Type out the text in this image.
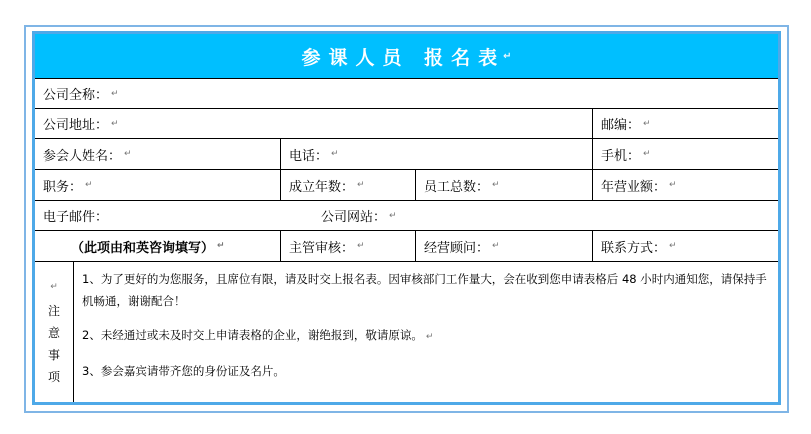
参课人员 报名表
↵
公司全称： ↵
公司地址： ↵	邮编： ↵
参会人姓名： ↵	电话： ↵	手机： ↵
职务： ↵	成立年数： ↵	员工总数： ↵	年营业额： ↵
电子邮件：	公司网站： ↵
（此项由和英咨询填写） ↵	主管审核： ↵	经营顾问： ↵	联系方式： ↵
↵
注
意
事
项

1、为了更好的为您服务，且席位有限，请及时交上报名表。因审核部门工作量大，会在收到您申请表格后 48 小时内通知您，请保持手机畅通，谢谢配合！

2、未经通过或未及时交上申请表格的企业，谢绝报到，敬请原谅。 ↵

3、参会嘉宾请带齐您的身份证及名片。
